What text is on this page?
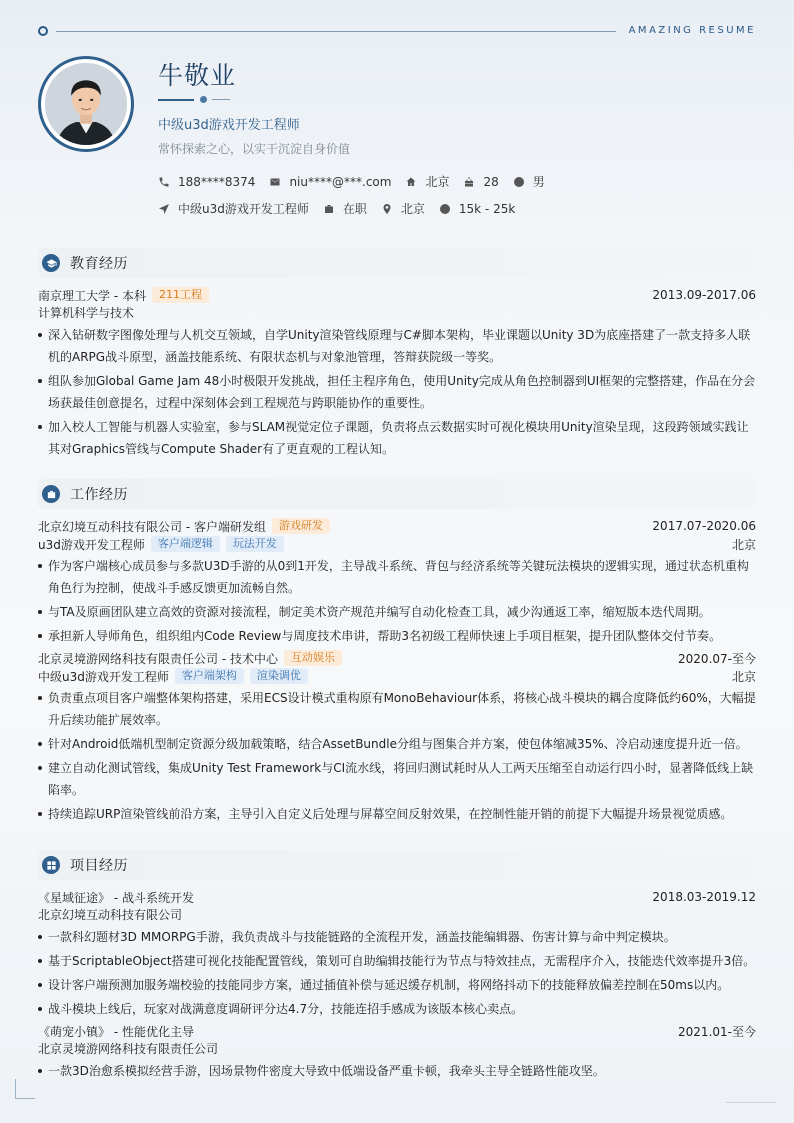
AMAZING RESUME
牛敬业
中级u3d游戏开发工程师
常怀探索之心，以实干沉淀自身价值
188****8374	niu****@***.com	北京	28	男
中级u3d游戏开发工程师	在职	北京	15k - 25k
教育经历
南京理工大学 - 本科	211工程	2013.09-2017.06
计算机科学与技术
深入钻研数字图像处理与人机交互领域，自学Unity渲染管线原理与C#脚本架构，毕业课题以Unity 3D为底座搭建了一款支持多人联机的ARPG战斗原型，涵盖技能系统、有限状态机与对象池管理，答辩获院级一等奖。
组队参加Global Game Jam 48小时极限开发挑战，担任主程序角色，使用Unity完成从角色控制器到UI框架的完整搭建，作品在分会场获最佳创意提名，过程中深刻体会到工程规范与跨职能协作的重要性。
加入校人工智能与机器人实验室，参与SLAM视觉定位子课题，负责将点云数据实时可视化模块用Unity渲染呈现，这段跨领域实践让其对Graphics管线与Compute Shader有了更直观的工程认知。
工作经历
北京幻境互动科技有限公司 - 客户端研发组	游戏研发	2017.07-2020.06
u3d游戏开发工程师	客户端逻辑	玩法开发	北京
作为客户端核心成员参与多款U3D手游的从0到1开发，主导战斗系统、背包与经济系统等关键玩法模块的逻辑实现，通过状态机重构角色行为控制，使战斗手感反馈更加流畅自然。
与TA及原画团队建立高效的资源对接流程，制定美术资产规范并编写自动化检查工具，减少沟通返工率，缩短版本迭代周期。
承担新人导师角色，组织组内Code Review与周度技术串讲，帮助3名初级工程师快速上手项目框架，提升团队整体交付节奏。
北京灵境游网络科技有限责任公司 - 技术中心	互动娱乐	2020.07-至今
中级u3d游戏开发工程师	客户端架构	渲染调优	北京
负责重点项目客户端整体架构搭建，采用ECS设计模式重构原有MonoBehaviour体系，将核心战斗模块的耦合度降低约60%，大幅提升后续功能扩展效率。
针对Android低端机型制定资源分级加载策略，结合AssetBundle分组与图集合并方案，使包体缩减35%、冷启动速度提升近一倍。
建立自动化测试管线，集成Unity Test Framework与CI流水线，将回归测试耗时从人工两天压缩至自动运行四小时，显著降低线上缺陷率。
持续追踪URP渲染管线前沿方案，主导引入自定义后处理与屏幕空间反射效果，在控制性能开销的前提下大幅提升场景视觉质感。
项目经历
《星域征途》 - 战斗系统开发	2018.03-2019.12
北京幻境互动科技有限公司
一款科幻题材3D MMORPG手游，我负责战斗与技能链路的全流程开发，涵盖技能编辑器、伤害计算与命中判定模块。
基于ScriptableObject搭建可视化技能配置管线，策划可自助编辑技能行为节点与特效挂点，无需程序介入，技能迭代效率提升3倍。
设计客户端预测加服务端校验的技能同步方案，通过插值补偿与延迟缓存机制，将网络抖动下的技能释放偏差控制在50ms以内。
战斗模块上线后，玩家对战满意度调研评分达4.7分，技能连招手感成为该版本核心卖点。
《萌宠小镇》 - 性能优化主导	2021.01-至今
北京灵境游网络科技有限责任公司
一款3D治愈系模拟经营手游，因场景物件密度大导致中低端设备严重卡顿，我牵头主导全链路性能攻坚。
